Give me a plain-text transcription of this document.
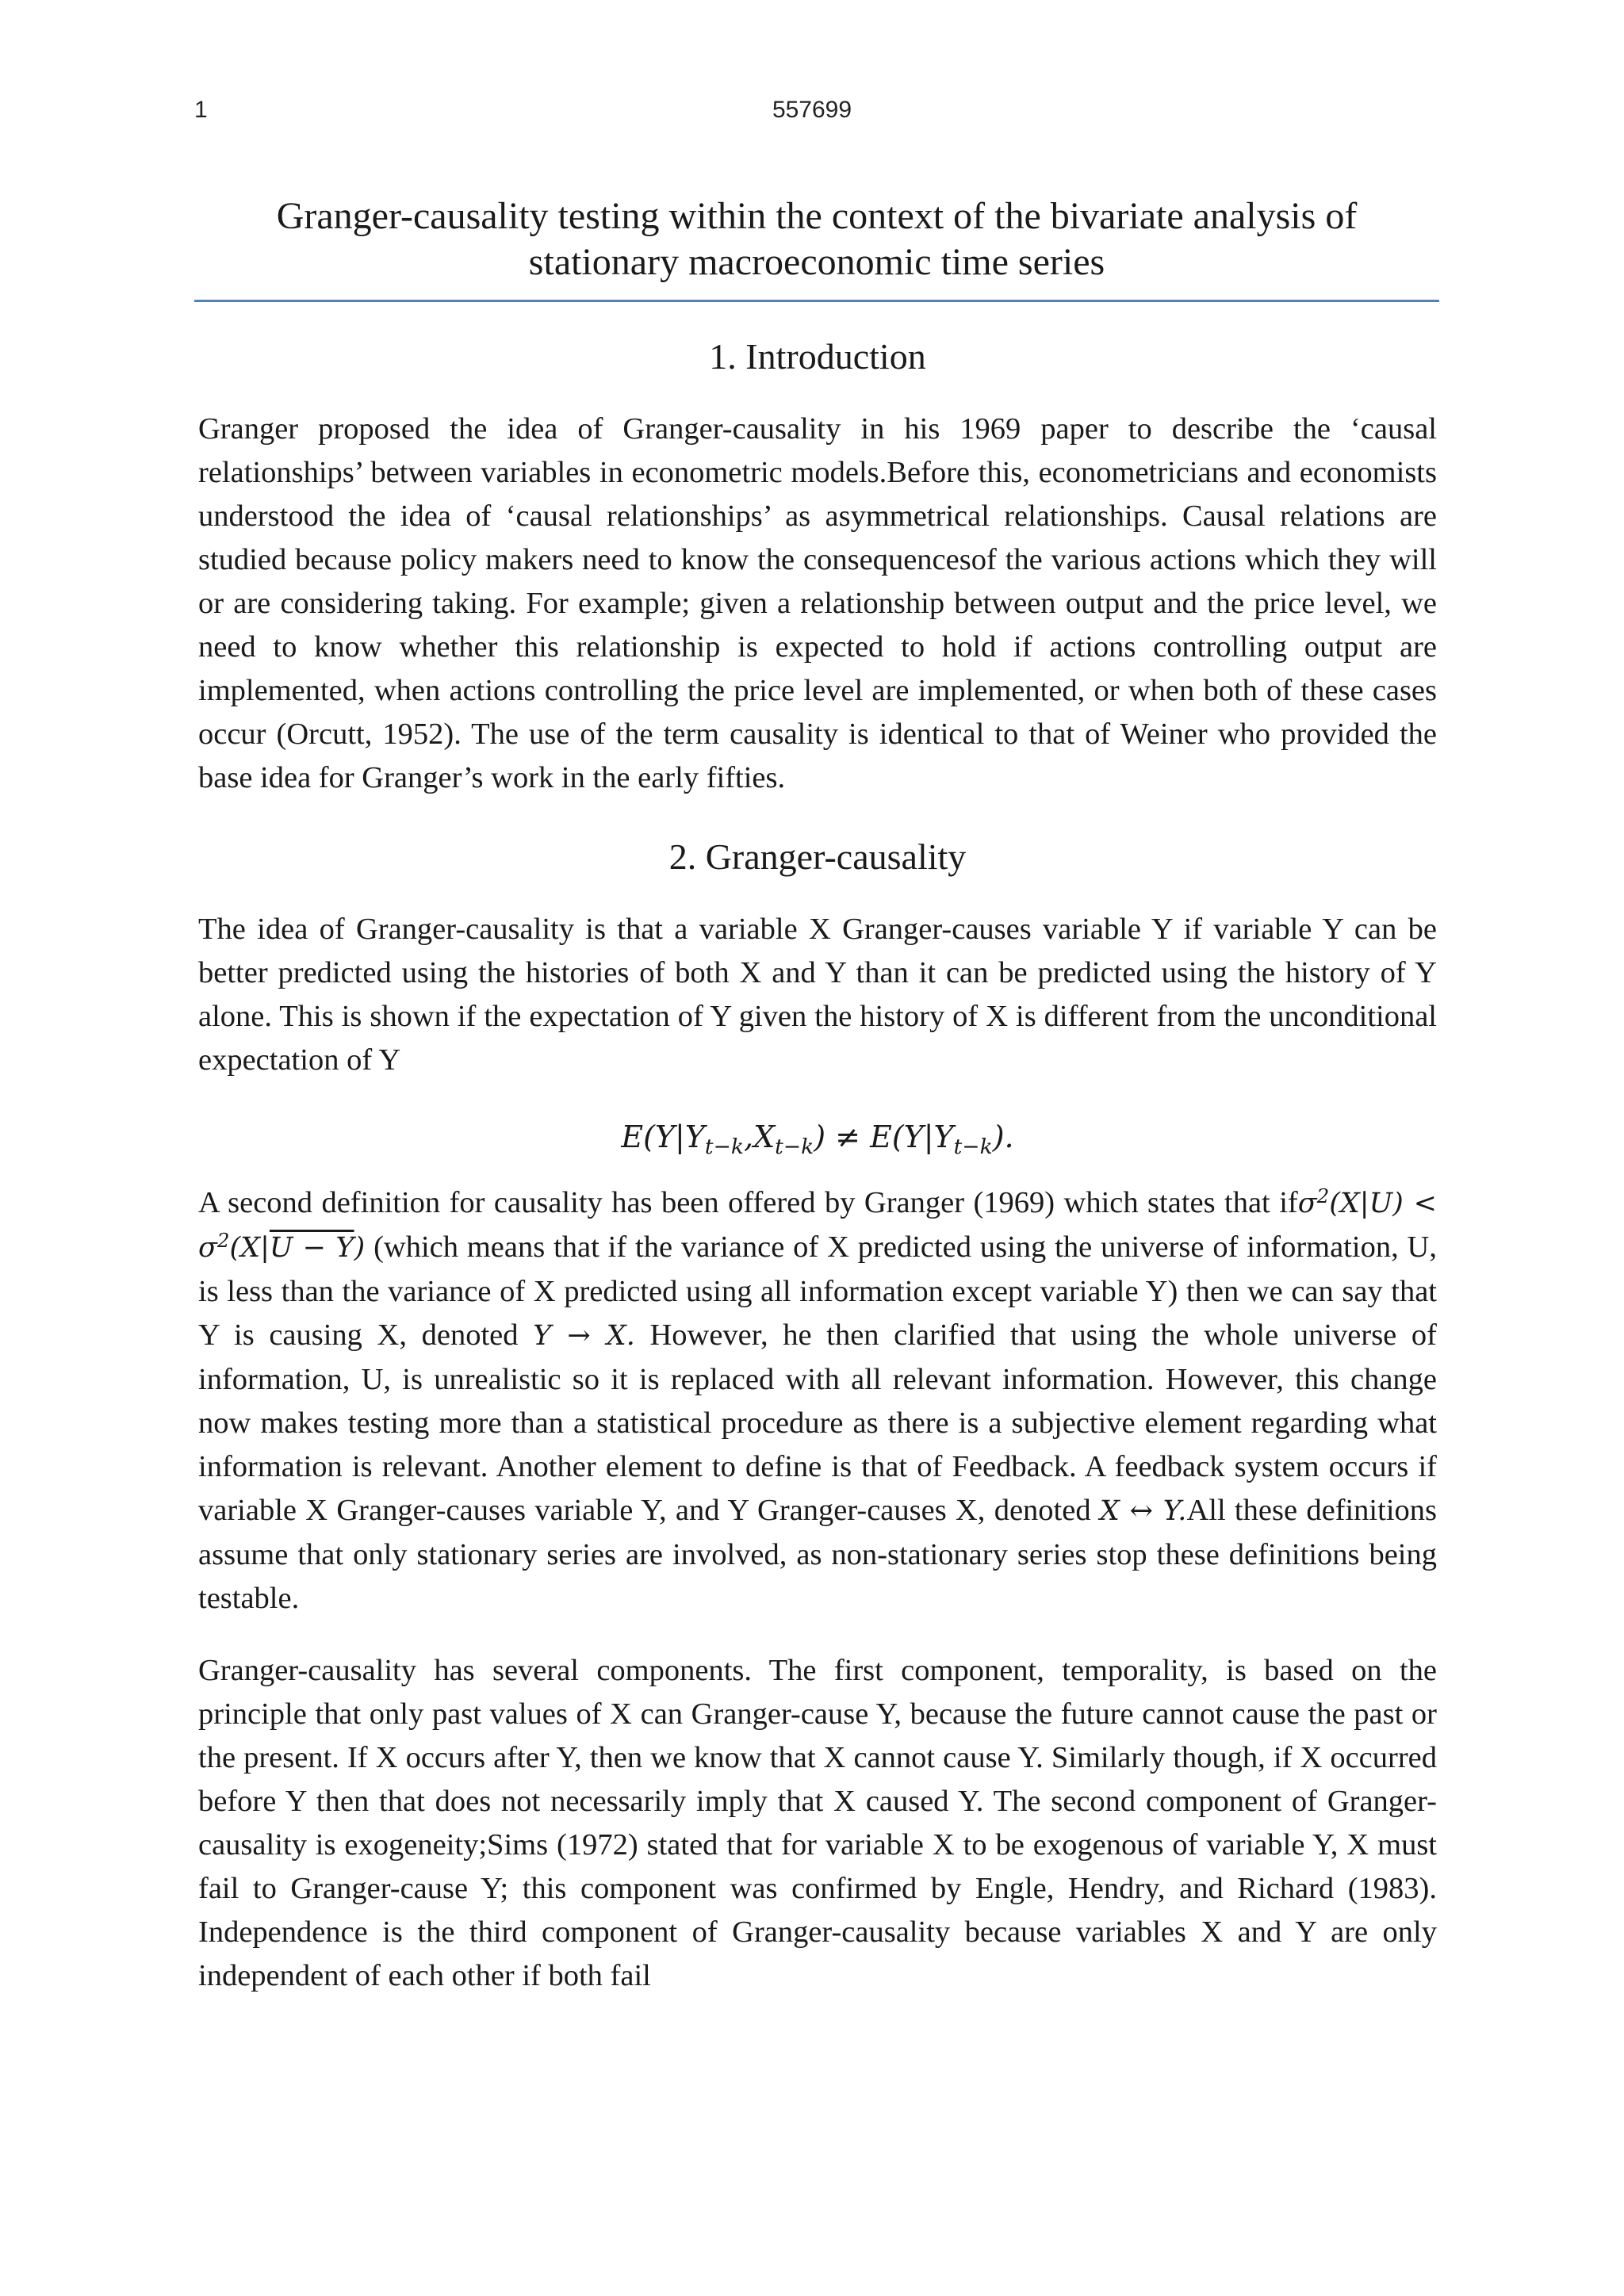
1	557699
Granger-causality testing within the context of the bivariate analysis of
stationary macroeconomic time series
1. Introduction

Granger proposed the idea of Granger-causality in his 1969 paper to describe the ‘causal relationships’ between variables in econometric models.Before this, econometricians and economists understood the idea of ‘causal relationships’ as asymmetrical relationships. Causal relations are studied because policy makers need to know the consequencesof the various actions which they will or are considering taking. For example; given a relationship between output and the price level, we need to know whether this relationship is expected to hold if actions controlling output are implemented, when actions controlling the price level are implemented, or when both of these cases occur (Orcutt, 1952). The use of the term causality is identical to that of Weiner who provided the base idea for Granger’s work in the early fifties.

2. Granger-causality

The idea of Granger-causality is that a variable X Granger-causes variable Y if variable Y can be better predicted using the histories of both X and Y than it can be predicted using the history of Y alone. This is shown if the expectation of Y given the history of X is different from the unconditional expectation of Y

$E(Y|Y_{t-k},X_{t-k}) \ne E(Y|Y_{t-k})$.

A second definition for causality has been offered by Granger (1969) which states that $if\sigma^2(X|U) < \sigma^2(X|U - Y)$ (which means that if the variance of X predicted using the universe of information, U, is less than the variance of X predicted using all information except variable Y) then we can say that Y is causing X, denoted Y → X. However, he then clarified that using the whole universe of information, U, is unrealistic so it is replaced with all relevant information. However, this change now makes testing more than a statistical procedure as there is a subjective element regarding what information is relevant. Another element to define is that of Feedback. A feedback system occurs if variable X Granger-causes variable Y, and Y Granger-causes X, denoted X ↔ Y.All these definitions assume that only stationary series are involved, as non-stationary series stop these definitions being testable.

Granger-causality has several components. The first component, temporality, is based on the principle that only past values of X can Granger-cause Y, because the future cannot cause the past or the present. If X occurs after Y, then we know that X cannot cause Y. Similarly though, if X occurred before Y then that does not necessarily imply that X caused Y. The second component of Granger-causality is exogeneity;Sims (1972) stated that for variable X to be exogenous of variable Y, X must fail to Granger-cause Y; this component was confirmed by Engle, Hendry, and Richard (1983). Independence is the third component of Granger-causality because variables X and Y are only independent of each other if both fail
